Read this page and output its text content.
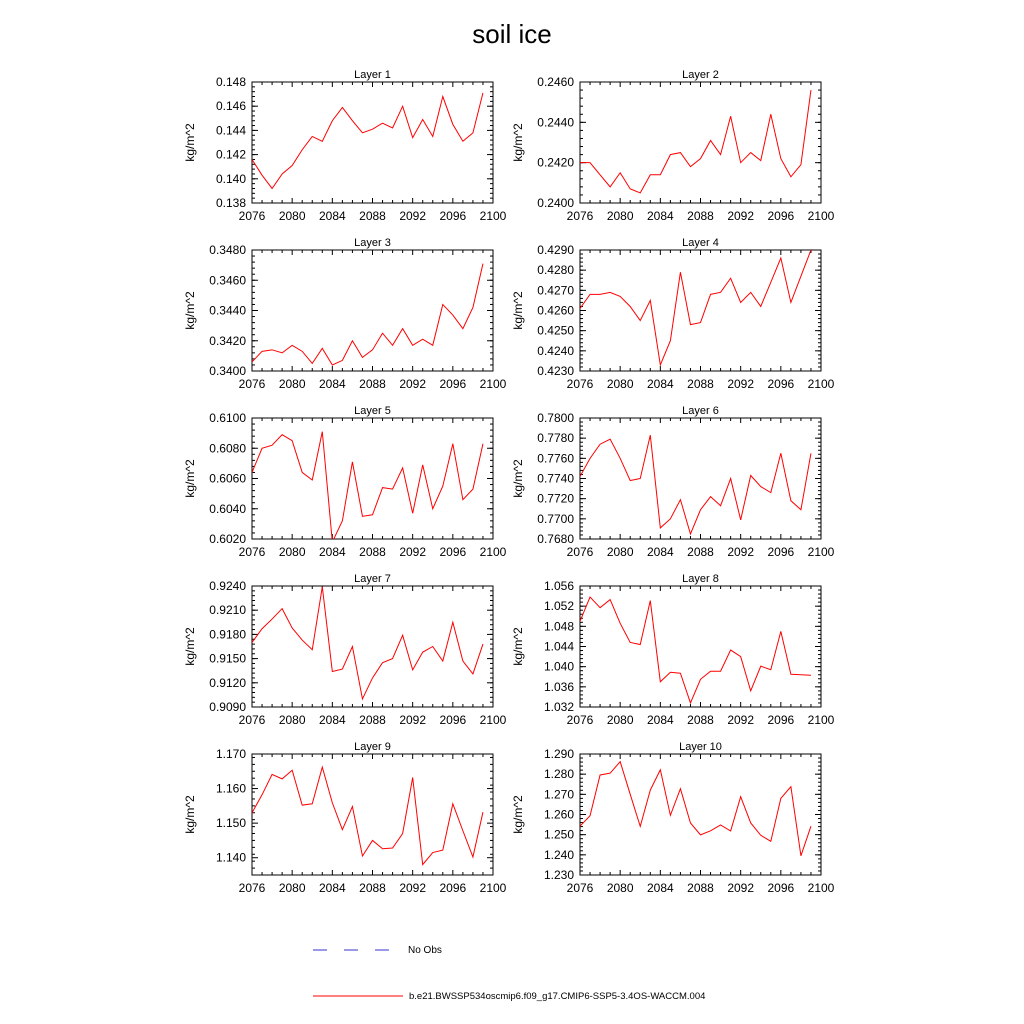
soil ice
Layer 1
kg/m^2
2076 2080 2084 2088 2092 2096 2100
0.138
0.140
0.142
0.144
0.146
0.148	Layer 2
kg/m^2
2076 2080 2084 2088 2092 2096 2100
0.2400
0.2420
0.2440
0.2460
Layer 3
kg/m^2
2076 2080 2084 2088 2092 2096 2100
0.3400
0.3420
0.3440
0.3460
0.3480	Layer 4
kg/m^2
2076 2080 2084 2088 2092 2096 2100
0.4230
0.4240
0.4250
0.4260
0.4270
0.4280
0.4290
Layer 5
kg/m^2
2076 2080 2084 2088 2092 2096 2100
0.6020
0.6040
0.6060
0.6080
0.6100	Layer 6
kg/m^2
2076 2080 2084 2088 2092 2096 2100
0.7680
0.7700
0.7720
0.7740
0.7760
0.7780
0.7800
Layer 7
kg/m^2
2076 2080 2084 2088 2092 2096 2100
0.9090
0.9120
0.9150
0.9180
0.9210
0.9240	Layer 8
kg/m^2
2076 2080 2084 2088 2092 2096 2100
1.032
1.036
1.040
1.044
1.048
1.052
1.056
Layer 9
kg/m^2
2076 2080 2084 2088 2092 2096 2100
1.140
1.150
1.160
1.170	Layer 10
kg/m^2
2076 2080 2084 2088 2092 2096 2100
1.230
1.240
1.250
1.260
1.270
1.280
1.290
No Obs
b.e21.BWSSP534oscmip6.f09_g17.CMIP6-SSP5-3.4OS-WACCM.004
